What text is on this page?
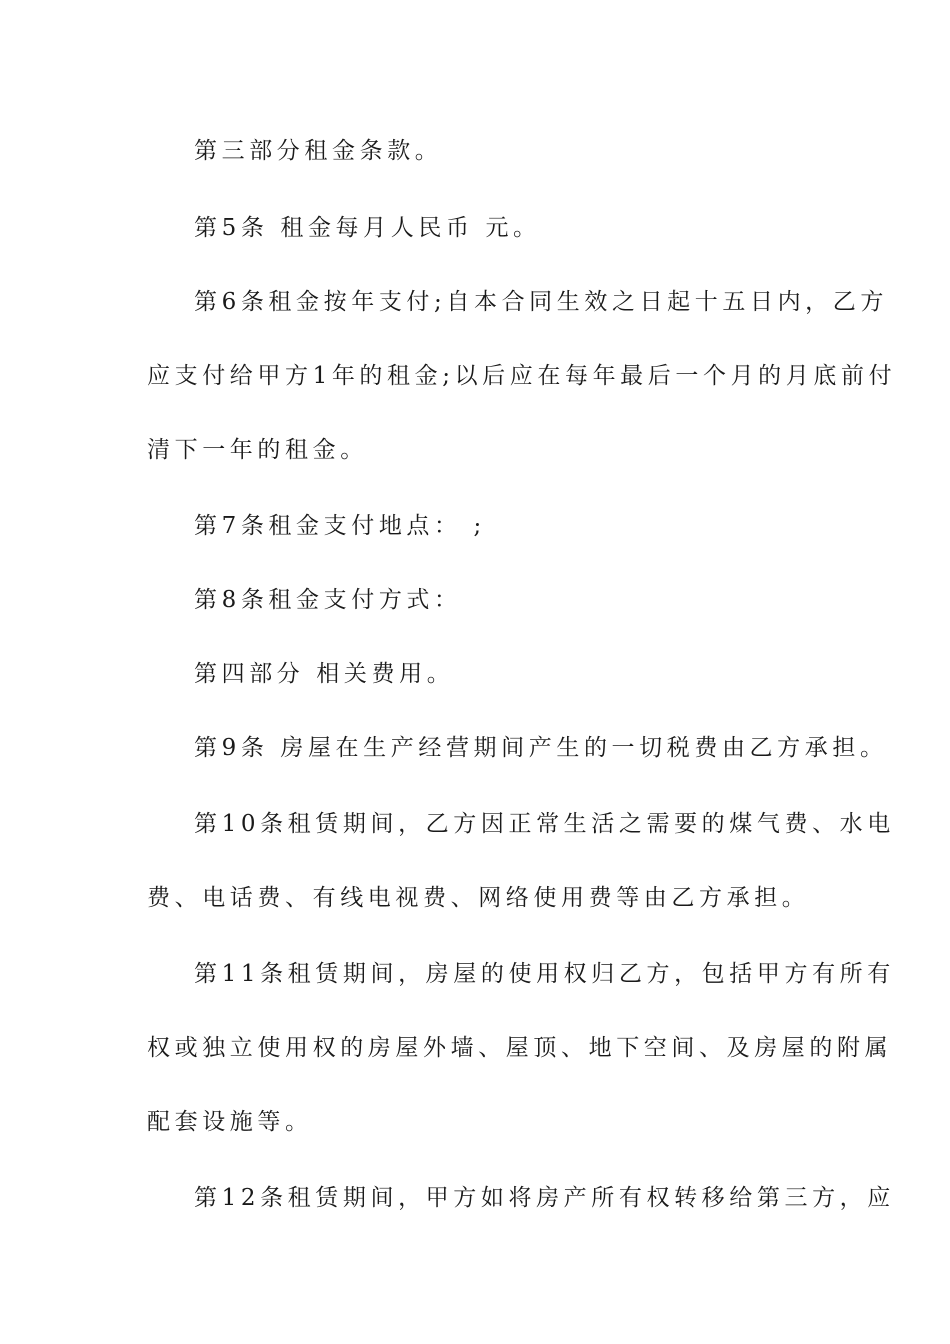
第三部分租金条款。
第5条 租金每月人民币 元。
第6条租金按年支付;自本合同生效之日起十五日内，乙方
应支付给甲方1年的租金;以后应在每年最后一个月的月底前付
清下一年的租金。
第7条租金支付地点： ;
第8条租金支付方式：
第四部分 相关费用。
第9条 房屋在生产经营期间产生的一切税费由乙方承担。
第10条租赁期间，乙方因正常生活之需要的煤气费、水电
费、电话费、有线电视费、网络使用费等由乙方承担。
第11条租赁期间，房屋的使用权归乙方，包括甲方有所有
权或独立使用权的房屋外墙、屋顶、地下空间、及房屋的附属
配套设施等。
第12条租赁期间，甲方如将房产所有权转移给第三方，应
